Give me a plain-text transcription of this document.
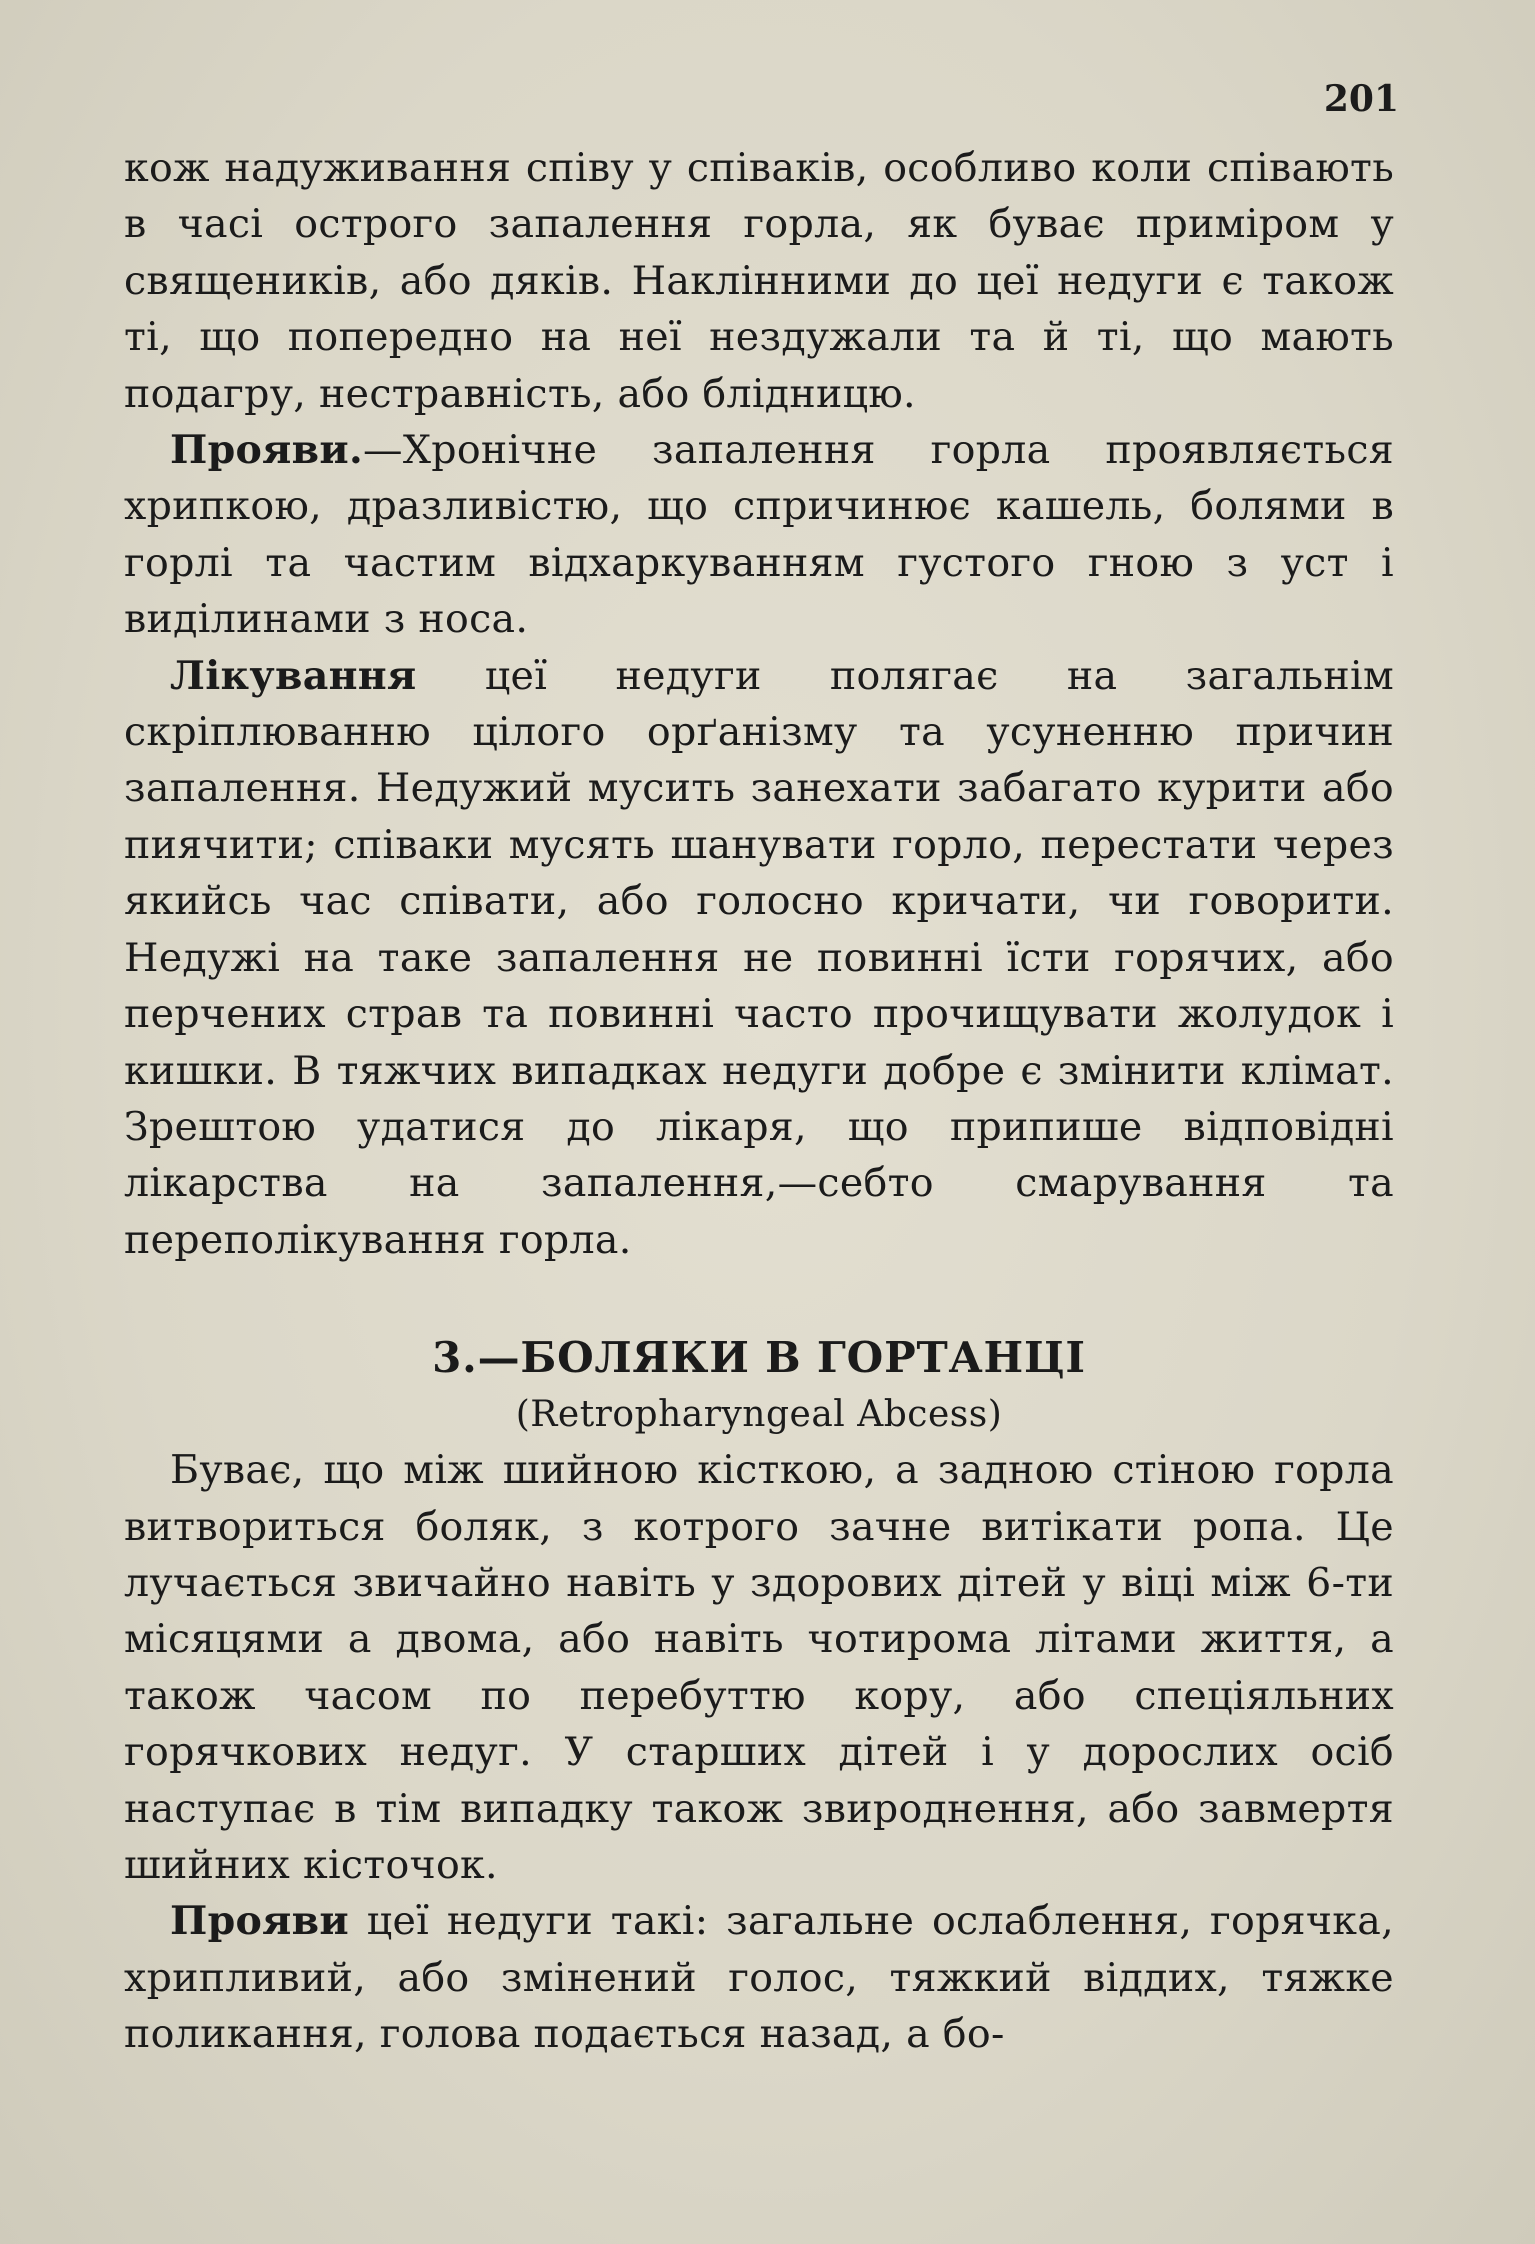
201

кож надуживання співу у співаків, особливо коли співають в часі острого запалення горла, як буває приміром у священиків, або дяків. Наклінними до цеї недуги є також ті, що попередно на неї нездужали та й ті, що мають подагру, нестравність, або блідницю.

Прояви.—Хронічне запалення горла проявляється хрипкою, дразливістю, що спричинює кашель, болями в горлі та частим відхаркуванням густого гною з уст і виділинами з носа.

Лікування цеї недуги полягає на загальнім скріплюванню цілого орґанізму та усуненню причин запалення. Недужий мусить занехати забагато курити або пиячити; співаки мусять шанувати горло, перестати через якийсь час співати, або голосно кричати, чи говорити. Недужі на таке запалення не повинні їсти горячих, або перчених страв та повинні часто прочищувати жолудок і кишки. В тяжчих випадках недуги добре є змінити клімат. Зрештою удатися до лікаря, що припише відповідні лікарства на запалення,—себто смарування та переполікування горла.

3.—БОЛЯКИ В ГОРТАНЦІ

(Retropharyngeal Abcess)

Буває, що між шийною кісткою, а задною стіною горла витвориться боляк, з котрого зачне витікати ропа. Це лучається звичайно навіть у здорових дітей у віці між 6-ти місяцями а двома, або навіть чотирома літами життя, а також часом по перебуттю кору, або спеціяльних горячкових недуг. У старших дітей і у дорослих осіб наступає в тім випадку також звироднення, або завмертя шийних кісточок.

Прояви цеї недуги такі: загальне ослаблення, горячка, хрипливий, або змінений голос, тяжкий віддих, тяжке поликання, голова подається назад, а бо-
